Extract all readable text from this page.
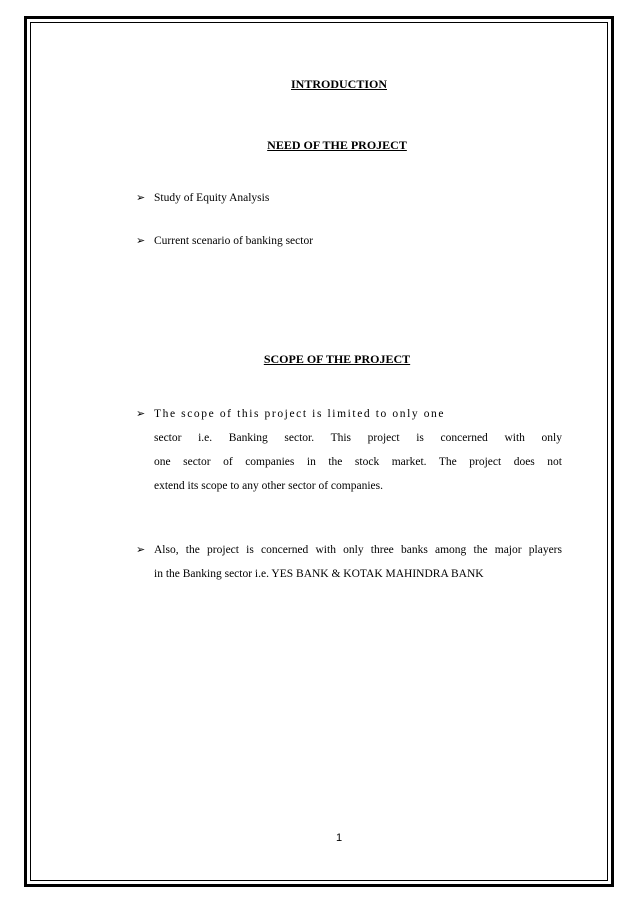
INTRODUCTION
NEED OF THE PROJECT
➢ Study of Equity Analysis
➢ Current scenario of banking sector
SCOPE OF THE PROJECT
➢ The scope of this project is limited to only one
sector i.e. Banking sector. This project is concerned with only
one sector of companies in the stock market. The project does not
extend its scope to any other sector of companies.
➢ Also, the project is concerned with only three banks among the major players
in the Banking sector i.e. YES BANK & KOTAK MAHINDRA BANK
1
